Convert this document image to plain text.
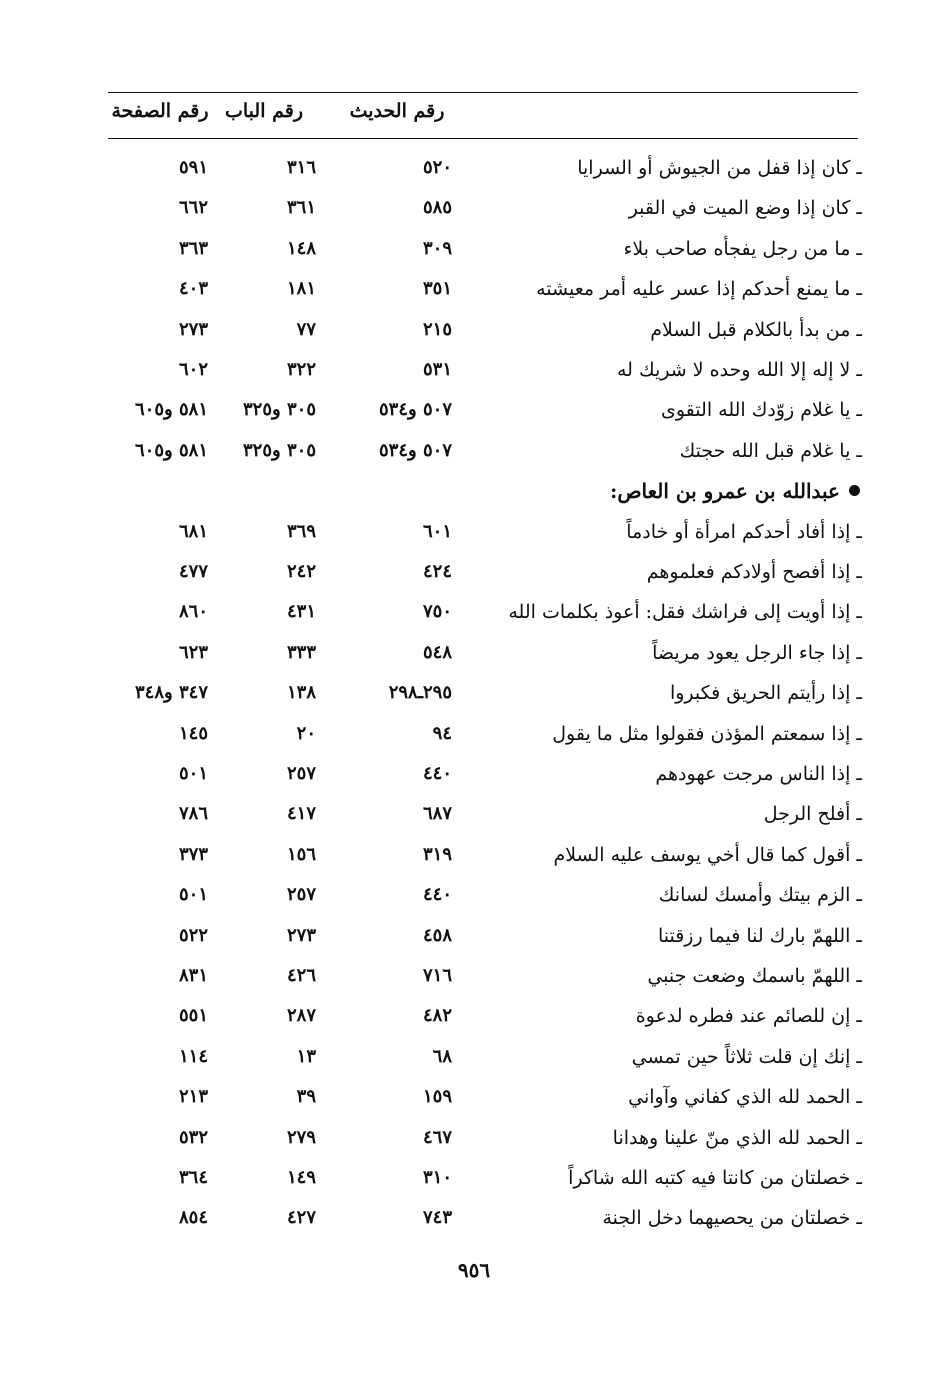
رقم الحديث
رقم الباب
رقم الصفحة
ـ كان إذا قفل من الجيوش أو السرايا
٥٢٠
٣١٦
٥٩١
ـ كان إذا وضع الميت في القبر
٥٨٥
٣٦١
٦٦٢
ـ ما من رجل يفجأه صاحب بلاء
٣٠٩
١٤٨
٣٦٣
ـ ما يمنع أحدكم إذا عسر عليه أمر معيشته
٣٥١
١٨١
٤٠٣
ـ من بدأ بالكلام قبل السلام
٢١٥
٧٧
٢٧٣
ـ لا إله إلا الله وحده لا شريك له
٥٣١
٣٢٢
٦٠٢
ـ يا غلام زوّدك الله التقوى
٥٠٧ و٥٣٤
٣٠٥ و٣٢٥
٥٨١ و٦٠٥
ـ يا غلام قبل الله حجتك
٥٠٧ و٥٣٤
٣٠٥ و٣٢٥
٥٨١ و٦٠٥
عبدالله بن عمرو بن العاص:
ـ إذا أفاد أحدكم امرأة أو خادماً
٦٠١
٣٦٩
٦٨١
ـ إذا أفصح أولادكم فعلموهم
٤٢٤
٢٤٢
٤٧٧
ـ إذا أويت إلى فراشك فقل: أعوذ بكلمات الله
٧٥٠
٤٣١
٨٦٠
ـ إذا جاء الرجل يعود مريضاً
٥٤٨
٣٣٣
٦٢٣
ـ إذا رأيتم الحريق فكبروا
٢٩٥ـ٢٩٨
١٣٨
٣٤٧ و٣٤٨
ـ إذا سمعتم المؤذن فقولوا مثل ما يقول
٩٤
٢٠
١٤٥
ـ إذا الناس مرجت عهودهم
٤٤٠
٢٥٧
٥٠١
ـ أفلح الرجل
٦٨٧
٤١٧
٧٨٦
ـ أقول كما قال أخي يوسف عليه السلام
٣١٩
١٥٦
٣٧٣
ـ الزم بيتك وأمسك لسانك
٤٤٠
٢٥٧
٥٠١
ـ اللهمّ بارك لنا فيما رزقتنا
٤٥٨
٢٧٣
٥٢٢
ـ اللهمّ باسمك وضعت جنبي
٧١٦
٤٢٦
٨٣١
ـ إن للصائم عند فطره لدعوة
٤٨٢
٢٨٧
٥٥١
ـ إنك إن قلت ثلاثاً حين تمسي
٦٨
١٣
١١٤
ـ الحمد لله الذي كفاني وآواني
١٥٩
٣٩
٢١٣
ـ الحمد لله الذي منّ علينا وهدانا
٤٦٧
٢٧٩
٥٣٢
ـ خصلتان من كانتا فيه كتبه الله شاكراً
٣١٠
١٤٩
٣٦٤
ـ خصلتان من يحصيهما دخل الجنة
٧٤٣
٤٢٧
٨٥٤
٩٥٦
